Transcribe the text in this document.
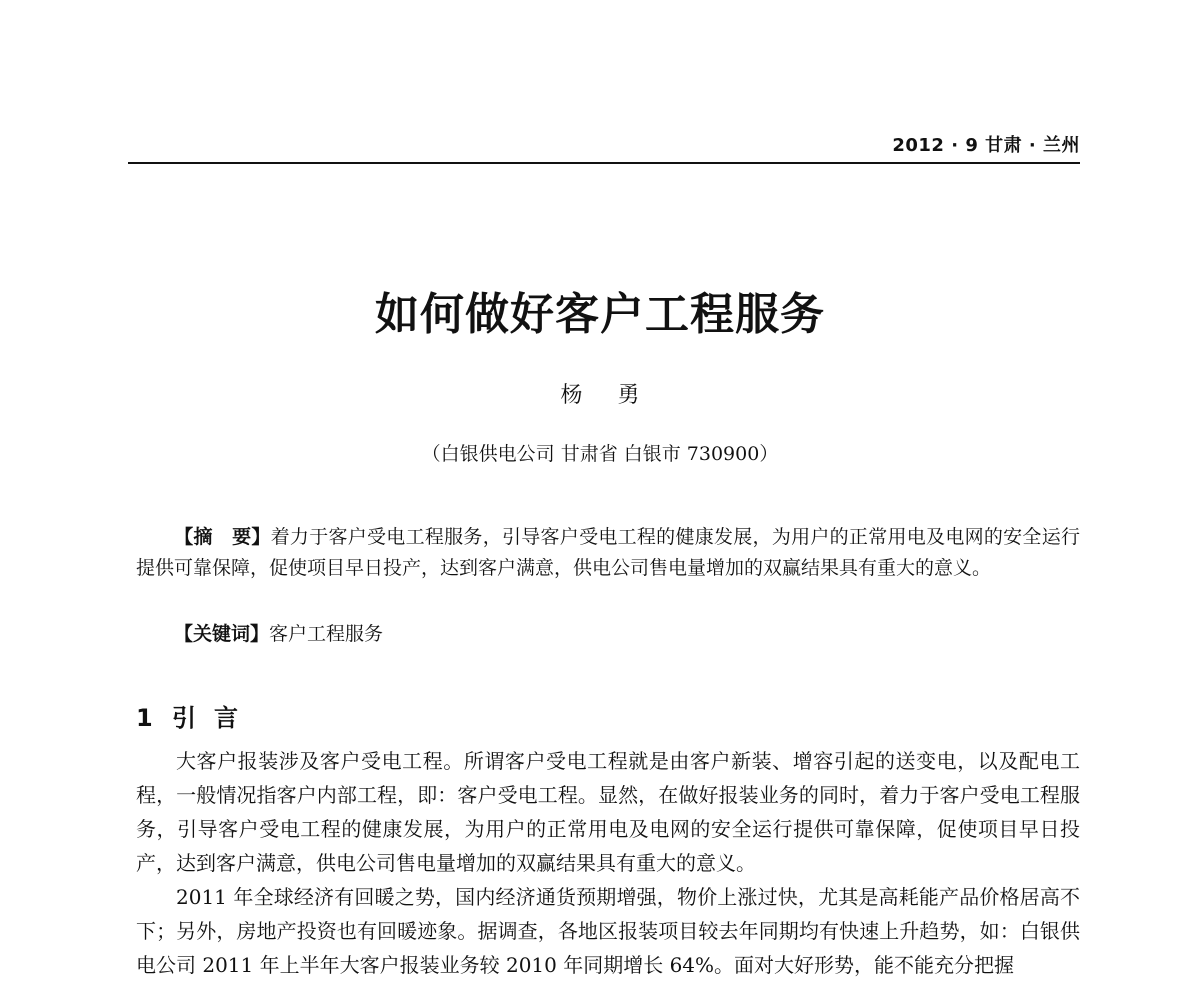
2012 · 9 甘肃 · 兰州
如何做好客户工程服务
杨 勇
（白银供电公司 甘肃省 白银市 730900）

【摘　要】着力于客户受电工程服务，引导客户受电工程的健康发展，为用户的正常用电及电网的安全运行提供可靠保障，促使项目早日投产，达到客户满意，供电公司售电量增加的双赢结果具有重大的意义。

【关键词】客户工程服务

1 引言

大客户报装涉及客户受电工程。所谓客户受电工程就是由客户新装、增容引起的送变电，以及配电工程，一般情况指客户内部工程，即：客户受电工程。显然，在做好报装业务的同时，着力于客户受电工程服务，引导客户受电工程的健康发展，为用户的正常用电及电网的安全运行提供可靠保障，促使项目早日投产，达到客户满意，供电公司售电量增加的双赢结果具有重大的意义。

2011 年全球经济有回暖之势，国内经济通货预期增强，物价上涨过快，尤其是高耗能产品价格居高不下；另外，房地产投资也有回暖迹象。据调查，各地区报装项目较去年同期均有快速上升趋势，如：白银供电公司 2011 年上半年大客户报装业务较 2010 年同期增长 64%。面对大好形势，能不能充分把握
